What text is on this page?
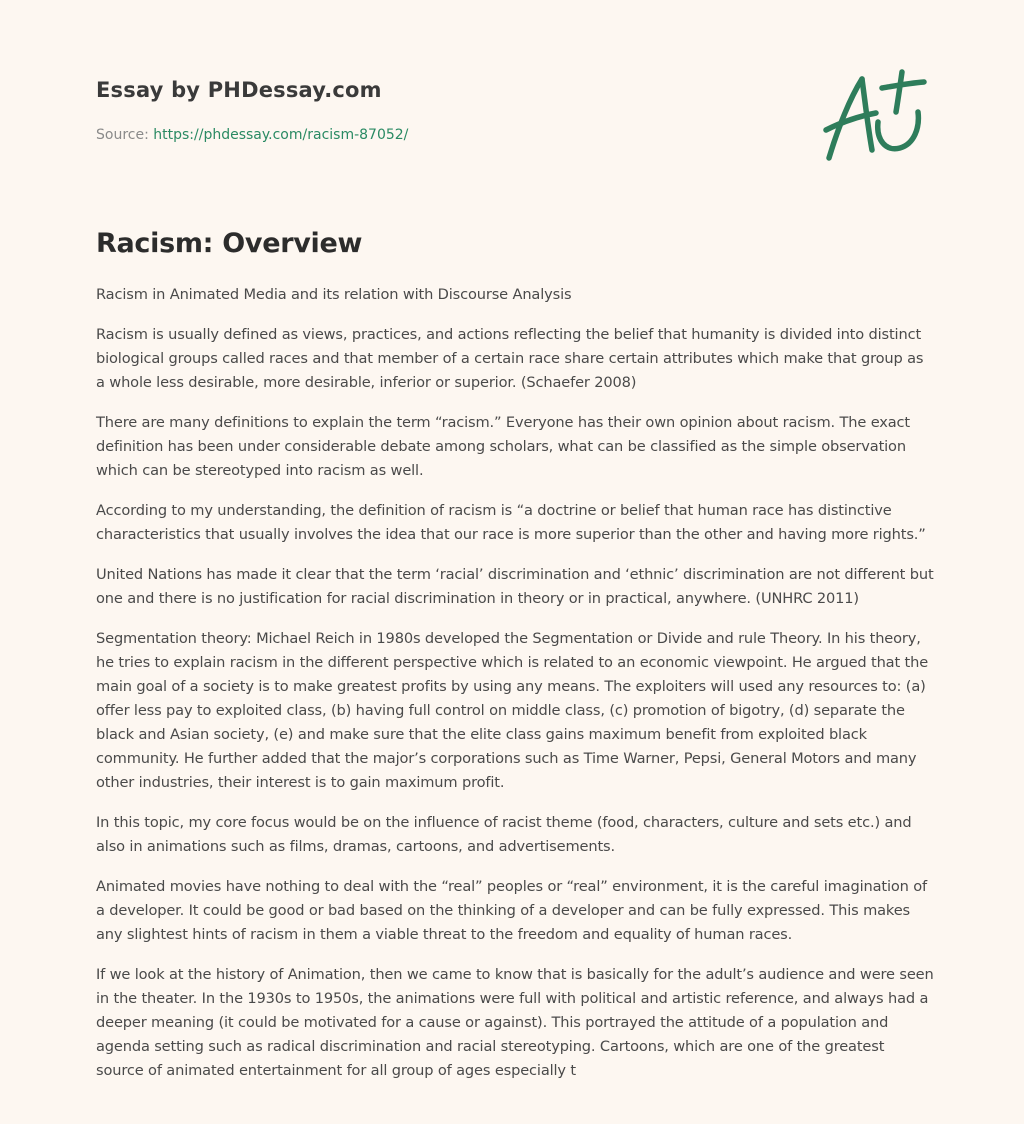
Essay by PHDessay.com
Source: https://phdessay.com/racism-87052/
Racism: Overview

Racism in Animated Media and its relation with Discourse Analysis

Racism is usually defined as views, practices, and actions reflecting the belief that humanity is divided into distinct biological groups called races and that member of a certain race share certain attributes which make that group as a whole less desirable, more desirable, inferior or superior. (Schaefer 2008)

There are many definitions to explain the term “racism.” Everyone has their own opinion about racism. The exact definition has been under considerable debate among scholars, what can be classified as the simple observation which can be stereotyped into racism as well.

According to my understanding, the definition of racism is “a doctrine or belief that human race has distinctive characteristics that usually involves the idea that our race is more superior than the other and having more rights.”

United Nations has made it clear that the term ‘racial’ discrimination and ‘ethnic’ discrimination are not different but one and there is no justification for racial discrimination in theory or in practical, anywhere. (UNHRC 2011)

Segmentation theory: Michael Reich in 1980s developed the Segmentation or Divide and rule Theory. In his theory, he tries to explain racism in the different perspective which is related to an economic viewpoint. He argued that the main goal of a society is to make greatest profits by using any means. The exploiters will used any resources to: (a) offer less pay to exploited class, (b) having full control on middle class, (c) promotion of bigotry, (d) separate the black and Asian society, (e) and make sure that the elite class gains maximum benefit from exploited black community. He further added that the major’s corporations such as Time Warner, Pepsi, General Motors and many other industries, their interest is to gain maximum profit.

In this topic, my core focus would be on the influence of racist theme (food, characters, culture and sets etc.) and also in animations such as films, dramas, cartoons, and advertisements.

Animated movies have nothing to deal with the “real” peoples or “real” environment, it is the careful imagination of a developer. It could be good or bad based on the thinking of a developer and can be fully expressed. This makes any slightest hints of racism in them a viable threat to the freedom and equality of human races.

If we look at the history of Animation, then we came to know that is basically for the adult’s audience and were seen in the theater. In the 1930s to 1950s, the animations were full with political and artistic reference, and always had a deeper meaning (it could be motivated for a cause or against). This portrayed the attitude of a population and agenda setting such as radical discrimination and racial stereotyping. Cartoons, which are one of the greatest source of animated entertainment for all group of ages especially t
